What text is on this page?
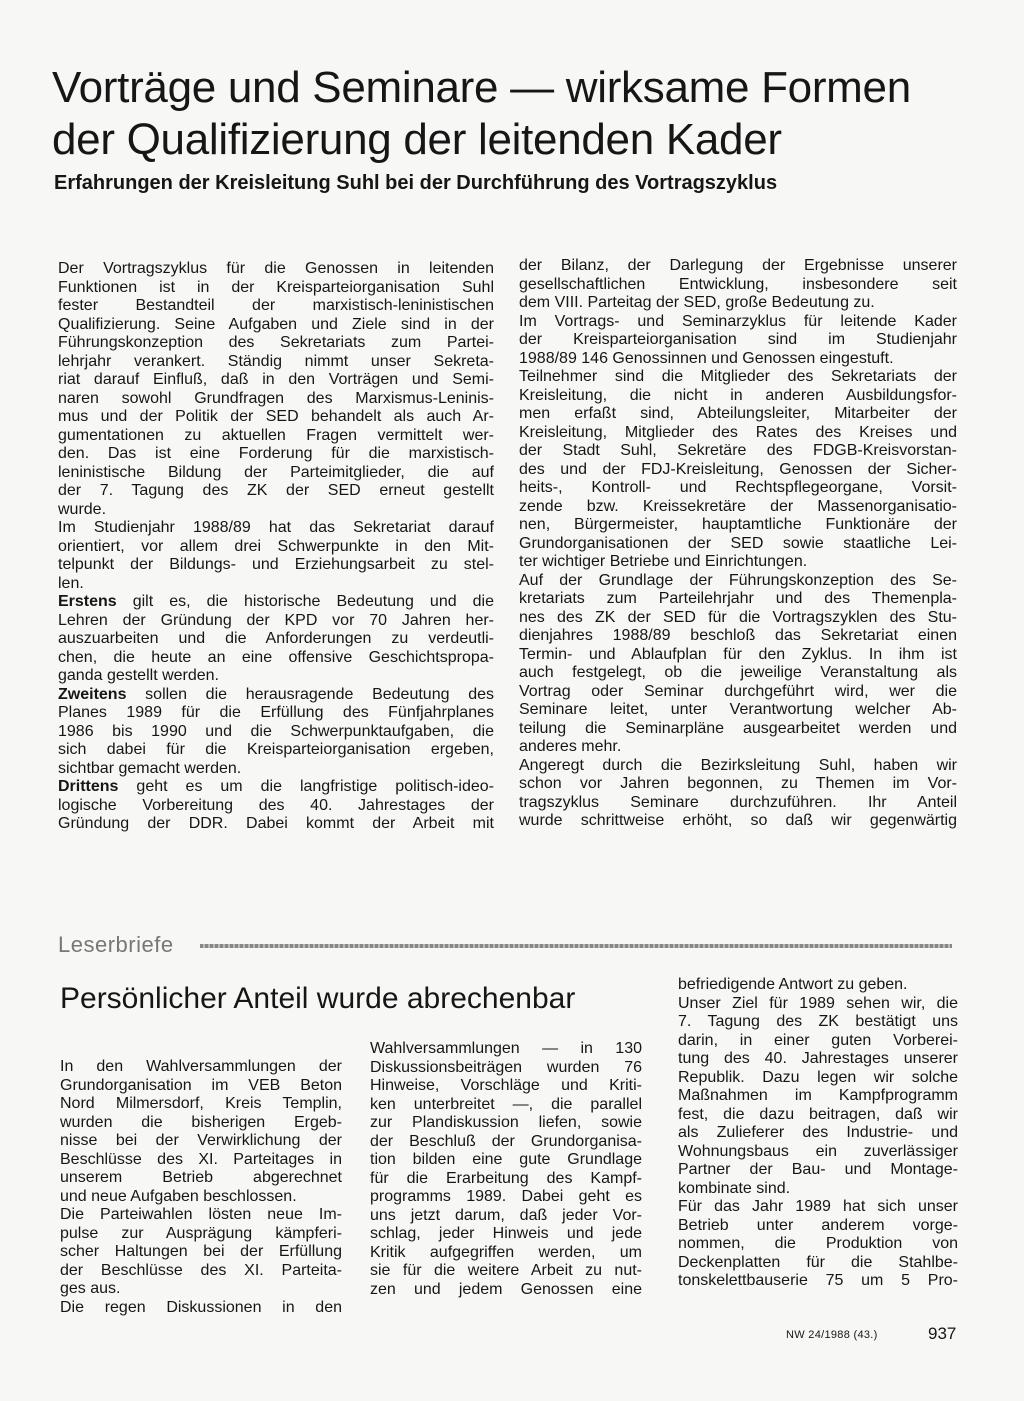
Vorträge und Seminare — wirksame Formen
der Qualifizierung der leitenden Kader
Erfahrungen der Kreisleitung Suhl bei der Durchführung des Vortragszyklus
Der Vortragszyklus für die Genossen in leitenden
Funktionen ist in der Kreisparteiorganisation Suhl
fester Bestandteil der marxistisch-leninistischen
Qualifizierung. Seine Aufgaben und Ziele sind in der
Führungskonzeption des Sekretariats zum Partei-
lehrjahr verankert. Ständig nimmt unser Sekreta-
riat darauf Einfluß, daß in den Vorträgen und Semi-
naren sowohl Grundfragen des Marxismus-Leninis-
mus und der Politik der SED behandelt als auch Ar-
gumentationen zu aktuellen Fragen vermittelt wer-
den. Das ist eine Forderung für die marxistisch-
leninistische Bildung der Parteimitglieder, die auf
der 7. Tagung des ZK der SED erneut gestellt
wurde.
Im Studienjahr 1988/89 hat das Sekretariat darauf
orientiert, vor allem drei Schwerpunkte in den Mit-
telpunkt der Bildungs- und Erziehungsarbeit zu stel-
len.
Erstens gilt es, die historische Bedeutung und die
Lehren der Gründung der KPD vor 70 Jahren her-
auszuarbeiten und die Anforderungen zu verdeutli-
chen, die heute an eine offensive Geschichtspropa-
ganda gestellt werden.
Zweitens sollen die herausragende Bedeutung des
Planes 1989 für die Erfüllung des Fünfjahrplanes
1986 bis 1990 und die Schwerpunktaufgaben, die
sich dabei für die Kreisparteiorganisation ergeben,
sichtbar gemacht werden.
Drittens geht es um die langfristige politisch-ideo-
logische Vorbereitung des 40. Jahrestages der
Gründung der DDR. Dabei kommt der Arbeit mit
der Bilanz, der Darlegung der Ergebnisse unserer
gesellschaftlichen Entwicklung, insbesondere seit
dem VIII. Parteitag der SED, große Bedeutung zu.
Im Vortrags- und Seminarzyklus für leitende Kader
der Kreisparteiorganisation sind im Studienjahr
1988/89 146 Genossinnen und Genossen eingestuft.
Teilnehmer sind die Mitglieder des Sekretariats der
Kreisleitung, die nicht in anderen Ausbildungsfor-
men erfaßt sind, Abteilungsleiter, Mitarbeiter der
Kreisleitung, Mitglieder des Rates des Kreises und
der Stadt Suhl, Sekretäre des FDGB-Kreisvorstan-
des und der FDJ-Kreisleitung, Genossen der Sicher-
heits-, Kontroll- und Rechtspflegeorgane, Vorsit-
zende bzw. Kreissekretäre der Massenorganisatio-
nen, Bürgermeister, hauptamtliche Funktionäre der
Grundorganisationen der SED sowie staatliche Lei-
ter wichtiger Betriebe und Einrichtungen.
Auf der Grundlage der Führungskonzeption des Se-
kretariats zum Parteilehrjahr und des Themenpla-
nes des ZK der SED für die Vortragszyklen des Stu-
dienjahres 1988/89 beschloß das Sekretariat einen
Termin- und Ablaufplan für den Zyklus. In ihm ist
auch festgelegt, ob die jeweilige Veranstaltung als
Vortrag oder Seminar durchgeführt wird, wer die
Seminare leitet, unter Verantwortung welcher Ab-
teilung die Seminarpläne ausgearbeitet werden und
anderes mehr.
Angeregt durch die Bezirksleitung Suhl, haben wir
schon vor Jahren begonnen, zu Themen im Vor-
tragszyklus Seminare durchzuführen. Ihr Anteil
wurde schrittweise erhöht, so daß wir gegenwärtig
Leserbriefe
Persönlicher Anteil wurde abrechenbar
In den Wahlversammlungen der
Grundorganisation im VEB Beton
Nord Milmersdorf, Kreis Templin,
wurden die bisherigen Ergeb-
nisse bei der Verwirklichung der
Beschlüsse des XI. Parteitages in
unserem Betrieb abgerechnet
und neue Aufgaben beschlossen.
Die Parteiwahlen lösten neue Im-
pulse zur Ausprägung kämpferi-
scher Haltungen bei der Erfüllung
der Beschlüsse des XI. Parteita-
ges aus.
Die regen Diskussionen in den
Wahlversammlungen — in 130
Diskussionsbeiträgen wurden 76
Hinweise, Vorschläge und Kriti-
ken unterbreitet —, die parallel
zur Plandiskussion liefen, sowie
der Beschluß der Grundorganisa-
tion bilden eine gute Grundlage
für die Erarbeitung des Kampf-
programms 1989. Dabei geht es
uns jetzt darum, daß jeder Vor-
schlag, jeder Hinweis und jede
Kritik aufgegriffen werden, um
sie für die weitere Arbeit zu nut-
zen und jedem Genossen eine
befriedigende Antwort zu geben.
Unser Ziel für 1989 sehen wir, die
7. Tagung des ZK bestätigt uns
darin, in einer guten Vorberei-
tung des 40. Jahrestages unserer
Republik. Dazu legen wir solche
Maßnahmen im Kampfprogramm
fest, die dazu beitragen, daß wir
als Zulieferer des Industrie- und
Wohnungsbaus ein zuverlässiger
Partner der Bau- und Montage-
kombinate sind.
Für das Jahr 1989 hat sich unser
Betrieb unter anderem vorge-
nommen, die Produktion von
Deckenplatten für die Stahlbe-
tonskelettbauserie 75 um 5 Pro-
NW 24/1988 (43.)	937
